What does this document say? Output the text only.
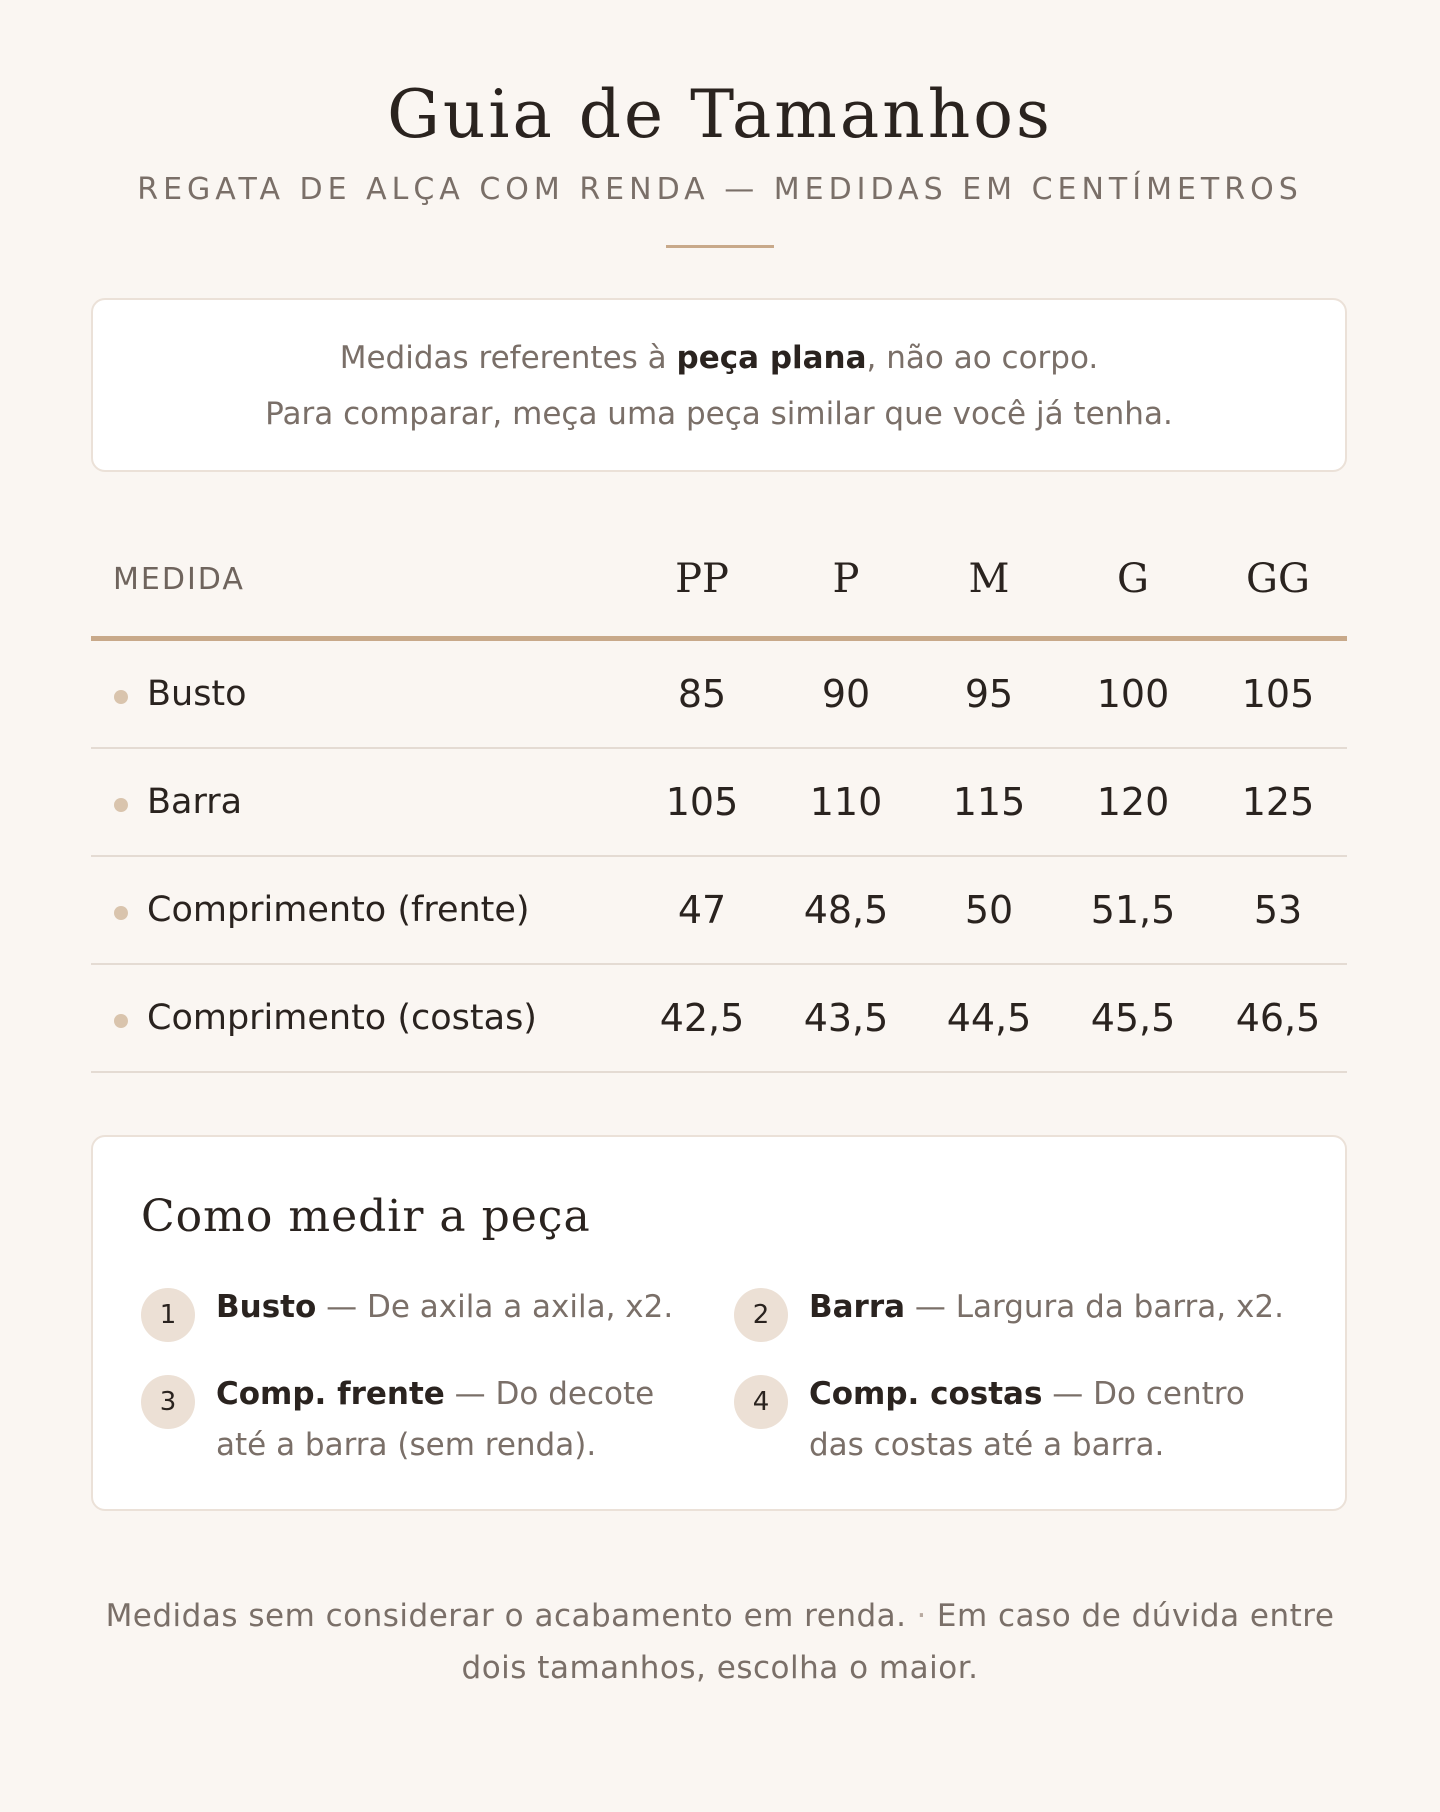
Guia de Tamanhos
REGATA DE ALÇA COM RENDA — MEDIDAS EM CENTÍMETROS
Medidas referentes à peça plana, não ao corpo.
Para comparar, meça uma peça similar que você já tenha.
MEDIDA	PP	P	M	G	GG
Busto	85	90	95	100	105
Barra	105	110	115	120	125
Comprimento (frente)	47	48,5	50	51,5	53
Comprimento (costas)	42,5	43,5	44,5	45,5	46,5
Como medir a peça
1	Busto — De axila a axila, x2.	2	Barra — Largura da barra, x2.
3	Comp. frente — Do decote até a barra (sem renda).
4	Comp. costas — Do centro das costas até a barra.
Medidas sem considerar o acabamento em renda. · Em caso de dúvida entre dois tamanhos, escolha o maior.
